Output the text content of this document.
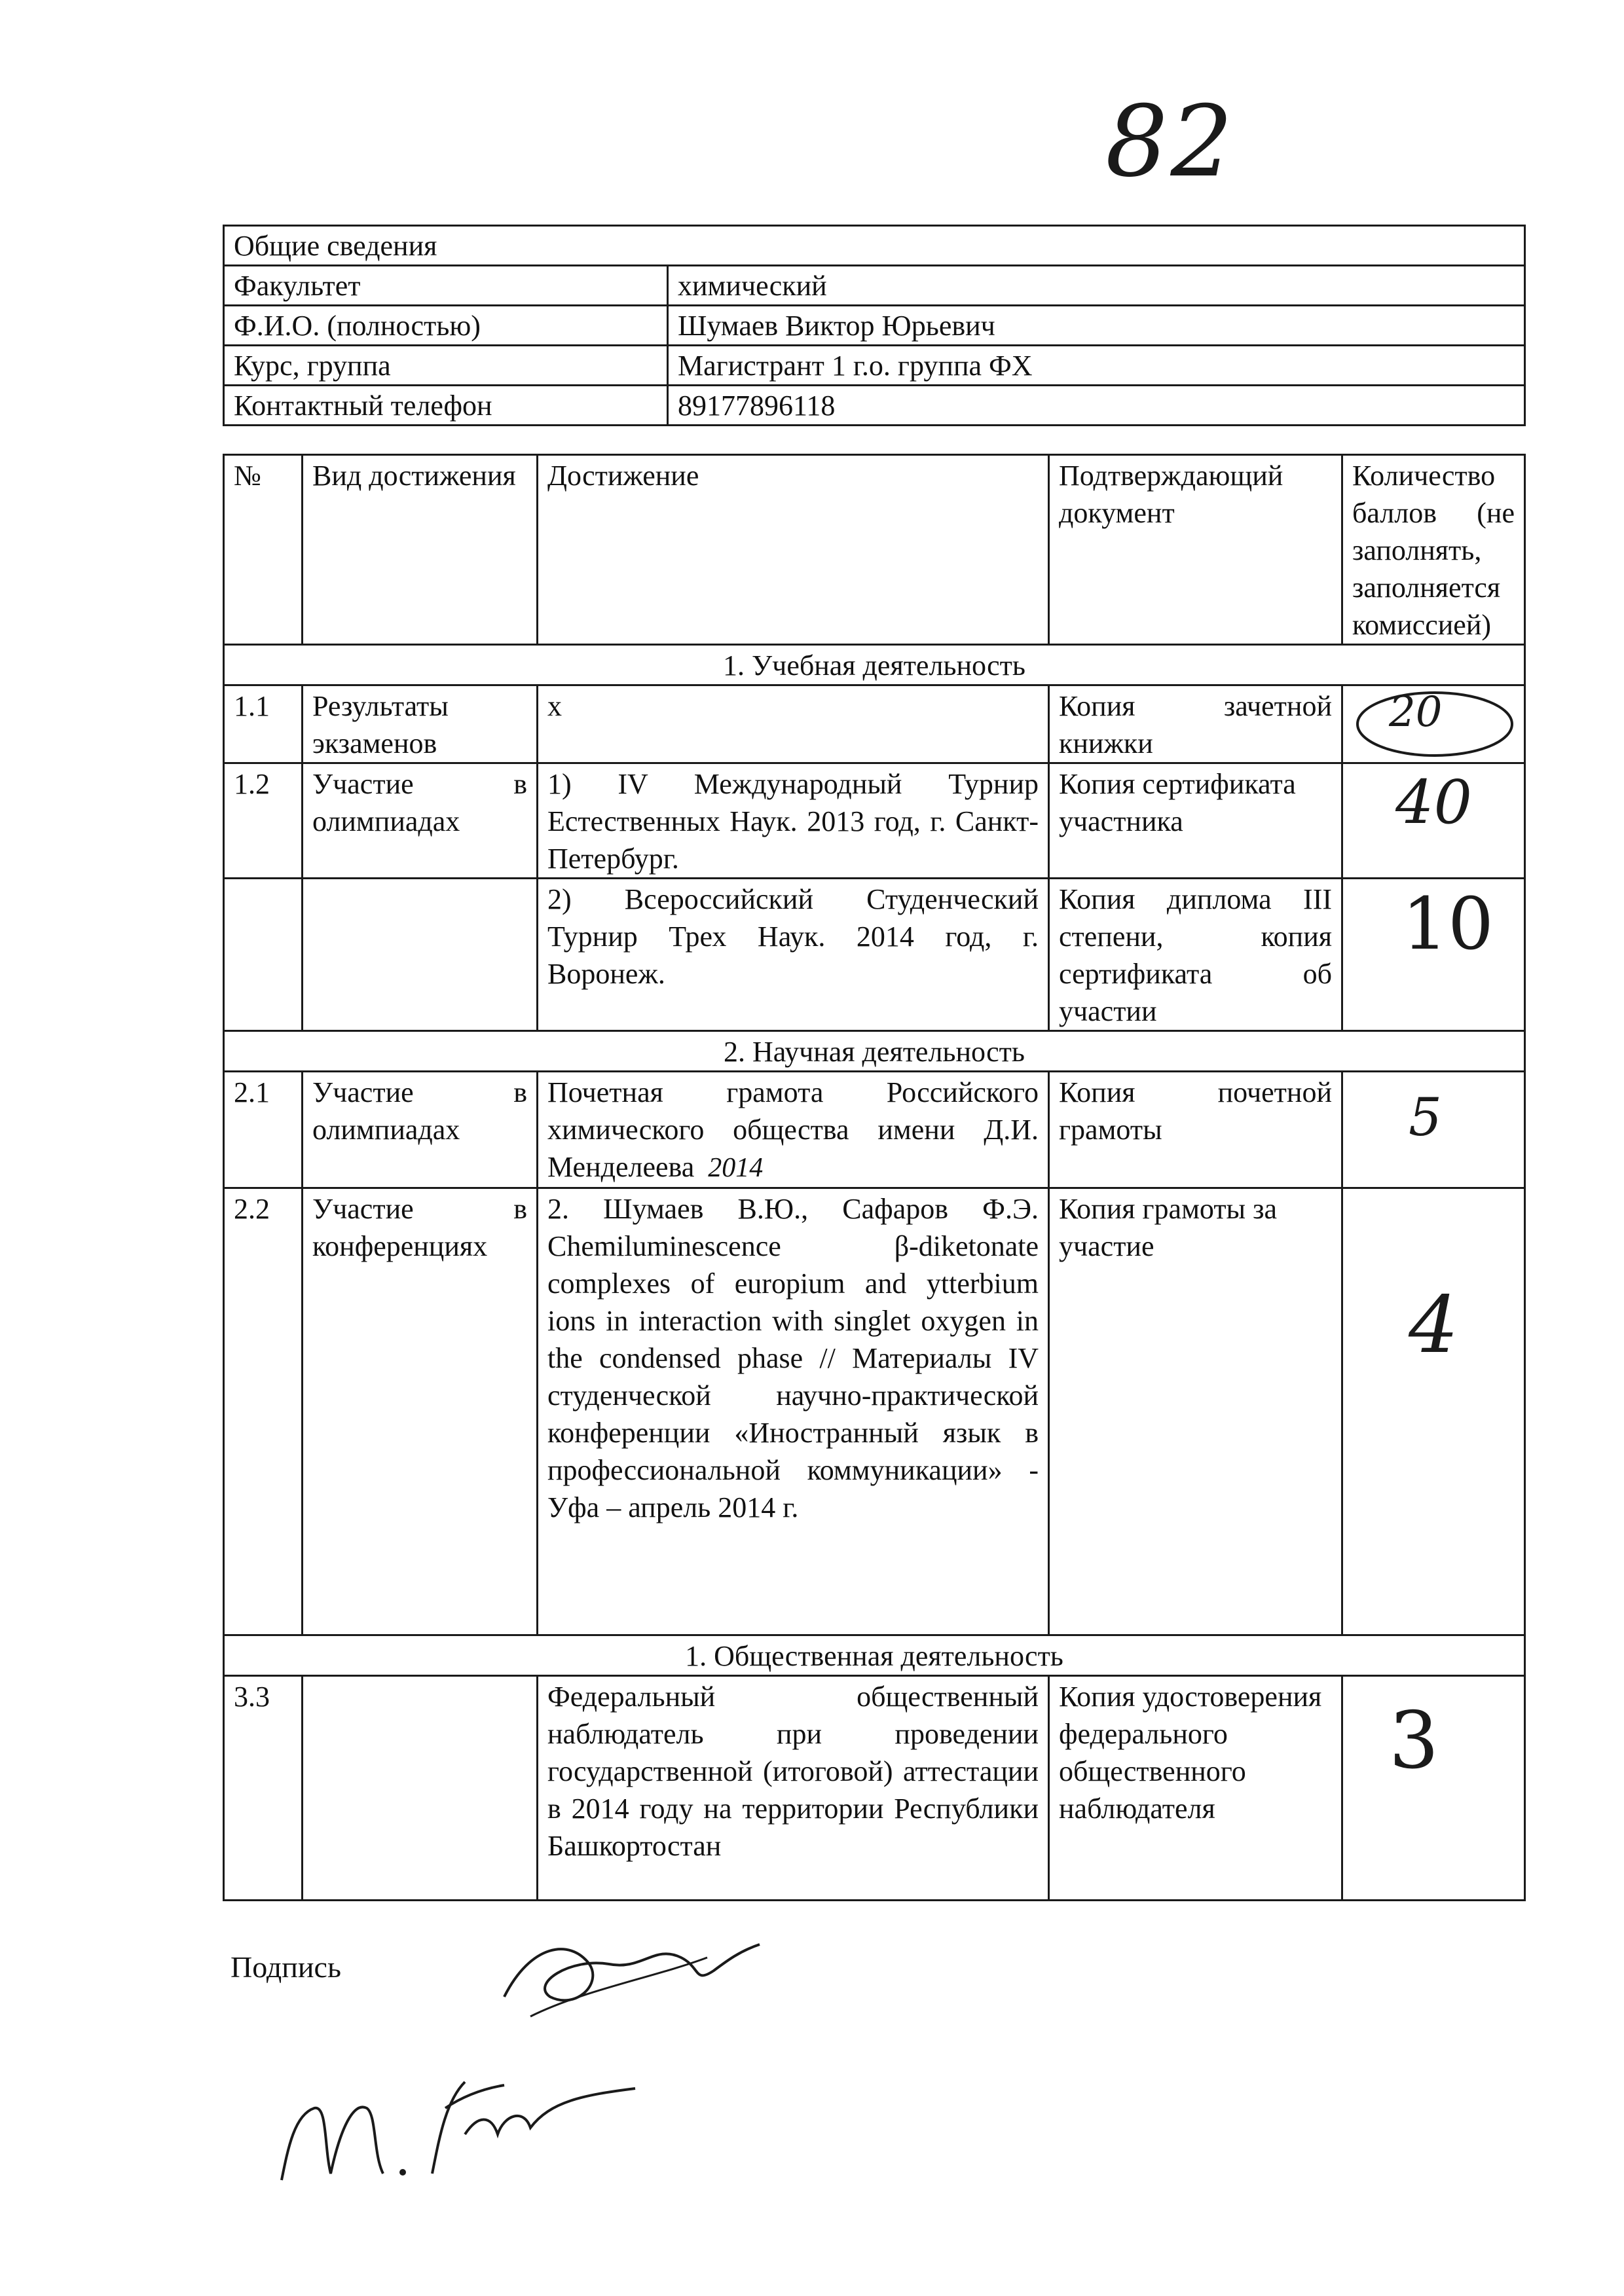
82
Общие сведения	
Факультет	химический
Ф.И.О. (полностью)	Шумаев Виктор Юрьевич
Курс, группа	Магистрант 1 г.о. группа ФХ
Контактный телефон	89177896118
№	Вид достижения	Достижение	Подтверждающий документ	Количество баллов (не заполнять, заполняется комиссией)
1. Учебная деятельность				
1.1	Результаты экзаменов	х	Копия зачетной книжки	20

1.2	Участие в олимпиадах	1) IV Международный Турнир Естественных Наук. 2013 год, г. Санкт- Петербург.	Копия сертификата участника	40

		2) Всероссийский Студенческий Турнир Трех Наук. 2014 год, г. Воронеж.	Копия диплома III степени, копия сертификата об участии	10

2. Научная деятельность				
2.1	Участие в олимпиадах	Почетная грамота Российского химического общества имени Д.И. Менделеева 2014	Копия почетной грамоты	5

2.2	Участие в конференциях	2. Шумаев В.Ю., Сафаров Ф.Э. Chemiluminescence β-diketonate complexes of europium and ytterbium ions in interaction with singlet oxygen in the condensed phase // Материалы IV студенческой научно-практической конференции «Иностранный язык в профессиональной коммуникации» - Уфа – апрель 2014 г.	Копия грамоты за участие	4

1. Общественная деятельность				
3.3		Федеральный общественный наблюдатель при проведении государственной (итоговой) аттестации в 2014 году на территории Республики Башкортостан	Копия удостоверения федерального общественного наблюдателя	3
Подпись
